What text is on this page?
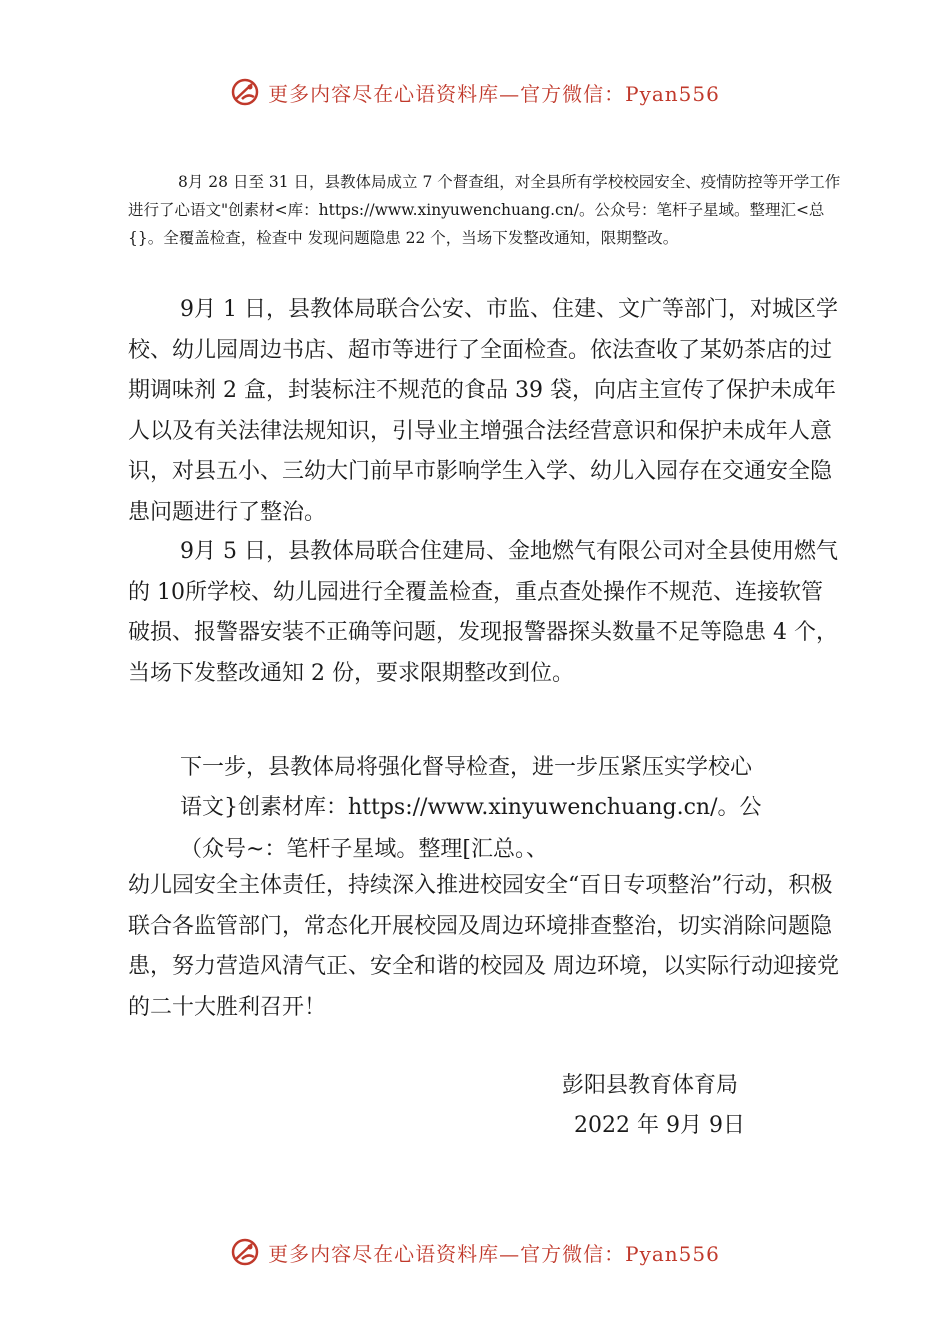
更多内容尽在心语资料库—官方微信：Pyan556

8月 28 日至 31 日，县教体局成立 7 个督查组，对全县所有学校校园安全、疫情防控等开学工作进行了心语文"创素材<库：https://www.xinyuwenchuang.cn/。公众号：笔杆子星域。整理汇<总{}。全覆盖检查，检查中 发现问题隐患 22 个，当场下发整改通知，限期整改。

9月 1 日，县教体局联合公安、市监、住建、文广等部门，对城区学校、幼儿园周边书店、超市等进行了全面检查。依法查收了某奶茶店的过期调味剂 2 盒，封装标注不规范的食品 39 袋，向店主宣传了保护未成年人以及有关法律法规知识，引导业主增强合法经营意识和保护未成年人意识，对县五小、三幼大门前早市影响学生入学、幼儿入园存在交通安全隐患问题进行了整治。

9月 5 日，县教体局联合住建局、金地燃气有限公司对全县使用燃气的 10所学校、幼儿园进行全覆盖检查，重点查处操作不规范、连接软管破损、报警器安装不正确等问题，发现报警器探头数量不足等隐患 4 个，当场下发整改通知 2 份，要求限期整改到位。

下一步，县教体局将强化督导检查，进一步压紧压实学校心

语文}创素材库：https://www.xinyuwenchuang.cn/。公

（众号~：笔杆子星域。整理[汇总。、

幼儿园安全主体责任，持续深入推进校园安全“百日专项整治”行动，积极联合各监管部门，常态化开展校园及周边环境排查整治，切实消除问题隐患，努力营造风清气正、安全和谐的校园及 周边环境，以实际行动迎接党的二十大胜利召开！

彭阳县教育体育局

2022 年 9月 9日

更多内容尽在心语资料库—官方微信：Pyan556
